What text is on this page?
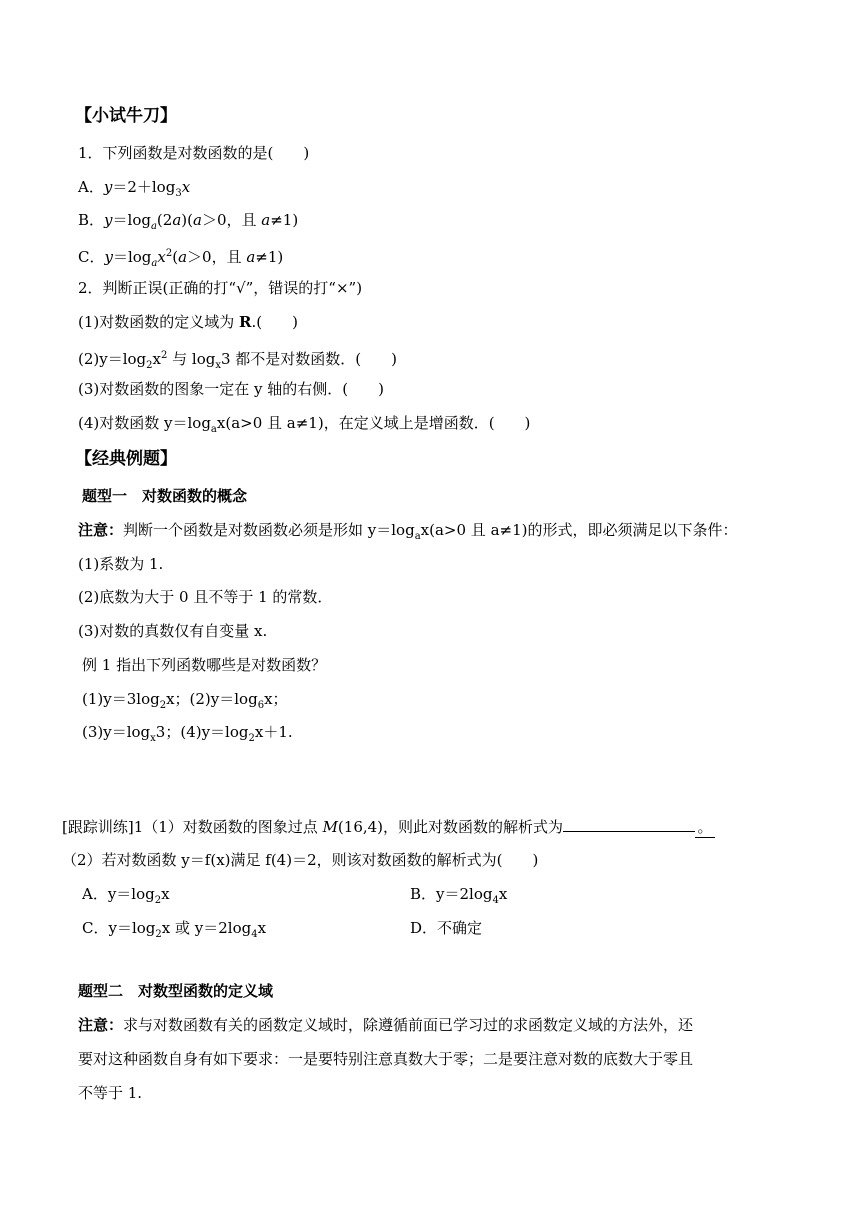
【小试牛刀】
1．下列函数是对数函数的是(　　)
A．$y=2+\log_3x$
B．$y=\log_a(2a)(a>0$，且 a≠1)
C．$y=\log_ax^2(a>0$，且 a≠1)
2．判断正误(正确的打“√”，错误的打“×”)
(1)对数函数的定义域为 R.(　　)
$(2)y=\log_2x^2$ 与 $\log_x3$ 都不是对数函数．(　　)
(3)对数函数的图象一定在 y 轴的右侧．(　　)
(4)对数函数 $y=\log_ax(a>0$ 且 a≠1)，在定义域上是增函数．(　　)
【经典例题】
题型一　对数函数的概念
注意：判断一个函数是对数函数必须是形如 $y=\log_ax(a>0$ 且 a≠1)的形式，即必须满足以下条件：
(1)系数为 1.
(2)底数为大于 0 且不等于 1 的常数．
(3)对数的真数仅有自变量 x.
例 1 指出下列函数哪些是对数函数？
$(1)y=3\log_2x$；$(2)y=\log_6x$；
$(3)y=\log_x3$；$(4)y=\log_2x+1$.
[跟踪训练]1（1）对数函数的图象过点 M(16,4)，则此对数函数的解析式为	。
（2）若对数函数 y＝f(x)满足 f(4)＝2，则该对数函数的解析式为(　　)
A．$y=\log_2x$	B．$y=2\log_4x$
C．$y=\log_2x$ 或 $y=2\log_4x$	D．不确定
题型二　对数型函数的定义域
注意：求与对数函数有关的函数定义域时，除遵循前面已学习过的求函数定义域的方法外，还
要对这种函数自身有如下要求：一是要特别注意真数大于零；二是要注意对数的底数大于零且
不等于 1.
